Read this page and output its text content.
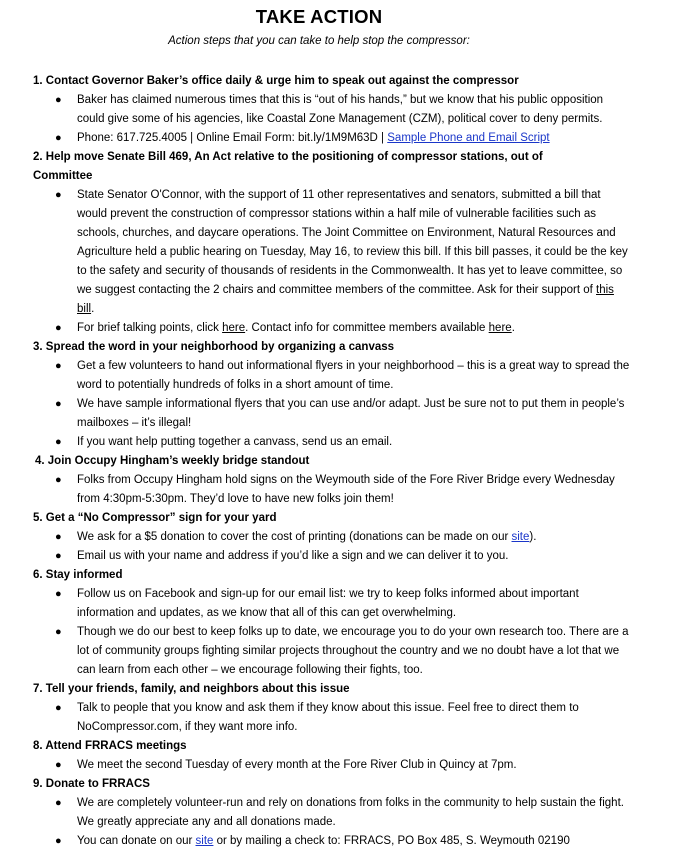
TAKE ACTION
Action steps that you can take to help stop the compressor:
1. Contact Governor Baker’s office daily & urge him to speak out against the compressor
● Baker has claimed numerous times that this is “out of his hands,” but we know that his public opposition could give some of his agencies, like Coastal Zone Management (CZM), political cover to deny permits.
● Phone: 617.725.4005 | Online Email Form: bit.ly/1M9M63D | Sample Phone and Email Script
2. Help move Senate Bill 469, An Act relative to the positioning of compressor stations, out of
Committee
● State Senator O'Connor, with the support of 11 other representatives and senators, submitted a bill that would prevent the construction of compressor stations within a half mile of vulnerable facilities such as schools, churches, and daycare operations. The Joint Committee on Environment, Natural Resources and Agriculture held a public hearing on Tuesday, May 16, to review this bill. If this bill passes, it could be the key to the safety and security of thousands of residents in the Commonwealth. It has yet to leave committee, so we suggest contacting the 2 chairs and committee members of the committee. Ask for their support of this bill.
● For brief talking points, click here. Contact info for committee members available here.
3. Spread the word in your neighborhood by organizing a canvass
● Get a few volunteers to hand out informational flyers in your neighborhood – this is a great way to spread the word to potentially hundreds of folks in a short amount of time.
● We have sample informational flyers that you can use and/or adapt. Just be sure not to put them in people’s mailboxes – it’s illegal!
● If you want help putting together a canvass, send us an email.
4. Join Occupy Hingham’s weekly bridge standout
● Folks from Occupy Hingham hold signs on the Weymouth side of the Fore River Bridge every Wednesday from 4:30pm-5:30pm. They’d love to have new folks join them!
5. Get a “No Compressor” sign for your yard
● We ask for a $5 donation to cover the cost of printing (donations can be made on our site).
● Email us with your name and address if you’d like a sign and we can deliver it to you.
6. Stay informed
● Follow us on Facebook and sign-up for our email list: we try to keep folks informed about important information and updates, as we know that all of this can get overwhelming.
● Though we do our best to keep folks up to date, we encourage you to do your own research too. There are a lot of community groups fighting similar projects throughout the country and we no doubt have a lot that we can learn from each other – we encourage following their fights, too.
7. Tell your friends, family, and neighbors about this issue
● Talk to people that you know and ask them if they know about this issue. Feel free to direct them to NoCompressor.com, if they want more info.
8. Attend FRRACS meetings
● We meet the second Tuesday of every month at the Fore River Club in Quincy at 7pm.
9. Donate to FRRACS
● We are completely volunteer-run and rely on donations from folks in the community to help sustain the fight. We greatly appreciate any and all donations made.
● You can donate on our site or by mailing a check to: FRRACS, PO Box 485, S. Weymouth 02190
